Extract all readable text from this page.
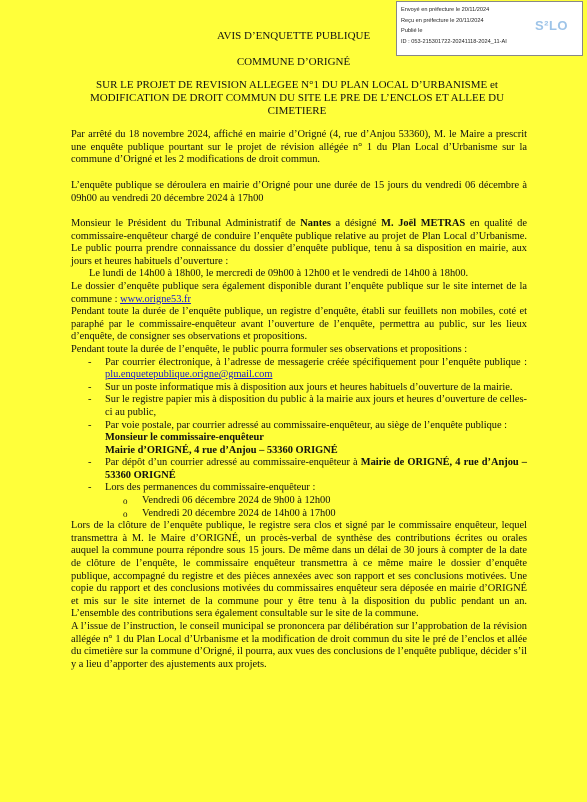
Envoyé en préfecture le 20/11/2024
Reçu en préfecture le 20/11/2024
Publié le
ID : 053-215301722-20241118-2024_11-AI
S²LO
AVIS D’ENQUETTE PUBLIQUE
COMMUNE D’ORIGNÉ
SUR LE PROJET DE REVISION ALLEGEE N°1 DU PLAN LOCAL D’URBANISME et MODIFICATION DE DROIT COMMUN DU SITE LE PRE DE L’ENCLOS ET ALLEE DU CIMETIERE
Par arrêté du 18 novembre 2024, affiché en mairie d’Origné (4, rue d’Anjou 53360), M. le Maire a prescrit une enquête publique pourtant sur le projet de révision allégée n° 1 du Plan Local d’Urbanisme sur la commune d’Origné et les 2 modifications de droit commun.
L’enquête publique se déroulera en mairie d’Origné pour une durée de 15 jours du vendredi 06 décembre à 09h00 au vendredi 20 décembre 2024 à 17h00
Monsieur le Président du Tribunal Administratif de Nantes a désigné M. Joël METRAS en qualité de commissaire-enquêteur chargé de conduire l’enquête publique relative au projet de Plan Local d’Urbanisme. Le public pourra prendre connaissance du dossier d’enquête publique, tenu à sa disposition en mairie, aux jours et heures habituels d’ouverture :
Le lundi de 14h00 à 18h00, le mercredi de 09h00 à 12h00 et le vendredi de 14h00 à 18h00.
Le dossier d’enquête publique sera également disponible durant l’enquête publique sur le site internet de la commune : www.origne53.fr
Pendant toute la durée de l’enquête publique, un registre d’enquête, établi sur feuillets non mobiles, coté et paraphé par le commissaire-enquêteur avant l’ouverture de l’enquête, permettra au public, sur les lieux d’enquête, de consigner ses observations et propositions.
Pendant toute la durée de l’enquête, le public pourra formuler ses observations et propositions :
- Par courrier électronique, à l’adresse de messagerie créée spécifiquement pour l’enquête publique : plu.enquetepublique.origne@gmail.com
- Sur un poste informatique mis à disposition aux jours et heures habituels d’ouverture de la mairie.
- Sur le registre papier mis à disposition du public à la mairie aux jours et heures d’ouverture de celles-ci au public,
- Par voie postale, par courrier adressé au commissaire-enquêteur, au siège de l’enquête publique :
Monsieur le commissaire-enquêteur
Mairie d’ORIGNÉ, 4 rue d’Anjou – 53360 ORIGNÉ
- Par dépôt d’un courrier adressé au commissaire-enquêteur à Mairie de ORIGNÉ, 4 rue d’Anjou – 53360 ORIGNÉ
- Lors des permanences du commissaire-enquêteur :
o Vendredi 06 décembre 2024 de 9h00 à 12h00
o Vendredi 20 décembre 2024 de 14h00 à 17h00
Lors de la clôture de l’enquête publique, le registre sera clos et signé par le commissaire enquêteur, lequel transmettra à M. le Maire d’ORIGNÉ, un procès-verbal de synthèse des contributions écrites ou orales auquel la commune pourra répondre sous 15 jours. De même dans un délai de 30 jours à compter de la date de clôture de l’enquête, le commissaire enquêteur transmettra à ce même maire le dossier d’enquête publique, accompagné du registre et des pièces annexées avec son rapport et ses conclusions motivées. Une copie du rapport et des conclusions motivées du commissaires enquêteur sera déposée en mairie d’ORIGNÉ et mis sur le site internet de la commune pour y être tenu à la disposition du public pendant un an. L’ensemble des contributions sera également consultable sur le site de la commune.
A l’issue de l’instruction, le conseil municipal se prononcera par délibération sur l’approbation de la révision allégée n° 1 du Plan Local d’Urbanisme et la modification de droit commun du site le pré de l’enclos et allée du cimetière sur la commune d’Origné, il pourra, aux vues des conclusions de l’enquête publique, décider s’il y a lieu d’apporter des ajustements aux projets.
